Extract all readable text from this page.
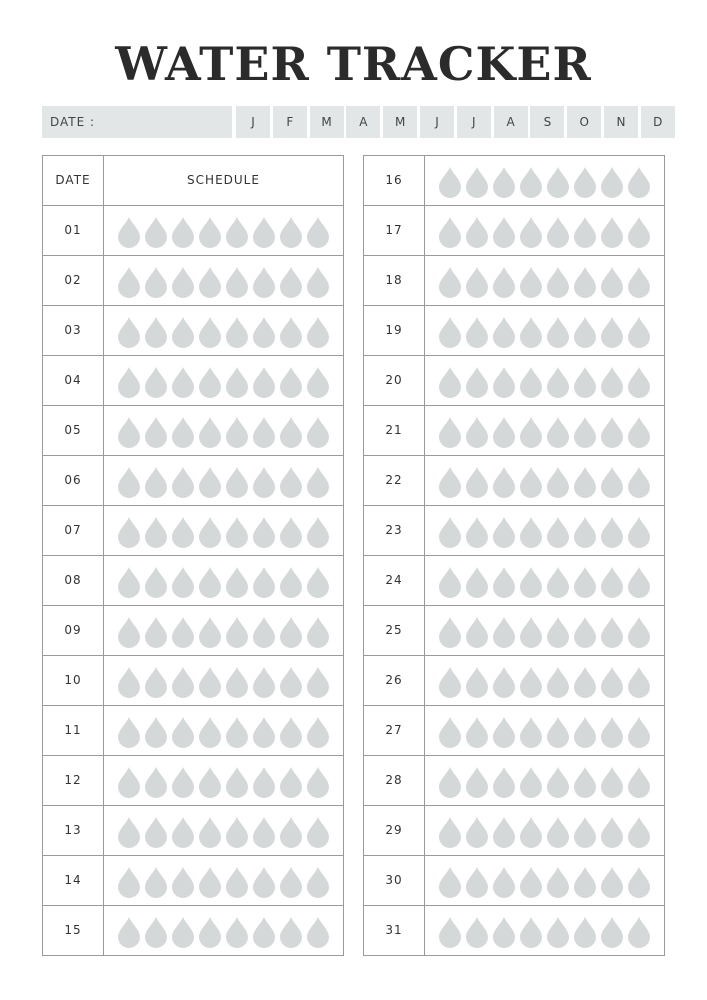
WATER TRACKER
DATE :	J	F	M	A	M	J	J	A	S	O	N	D
DATE	SCHEDULE
01
02
03
04
05
06
07
08
09
10
11
12
13
14
15
16
17
18
19
20
21
22
23
24
25
26
27
28
29
30
31
